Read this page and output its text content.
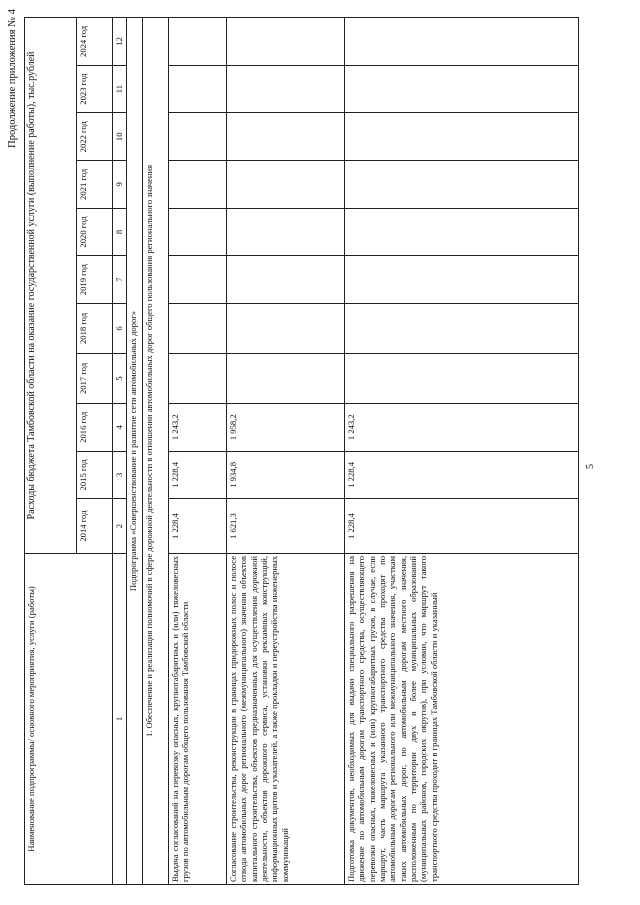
5
Продолжение приложения № 4
Наименование подпрограммы/ основного мероприятия, услуги (работы)	Расходы бюджета Тамбовской области на оказание государственной услуги (выполнение работы), тыс.рублей										
	2014 год	2015 год	2016 год	2017 год	2018 год	2019 год	2020 год	2021 год	2022 год	2023 год	2024 год
1	2	3	4	5	6	7	8	9	10	11	12
Подпрограмма «Совершенствование и развитие сети автомобильных дорог»											
1. Обеспечение и реализация полномочий в сфере дорожной деятельности в отношении автомобильных дорог общего пользования регионального значения											
Выдача согласований на перевозку опасных, крупногабаритных и (или) тяжеловесных грузов по автомобильным дорогам общего пользования Тамбовской области	1 228,4	1 228,4	1 243,2								
Согласование строительства, реконструкции в границах придорожных полос и полосе отвода автомобильных дорог регионального (межмуниципального) значения объектов капитального строительства, объектов предназначенных для осуществления дорожной деятельности, объектов дорожного сервиса, установки рекламных конструкций, информационных щитов и указателей, а также прокладки и переустройства инженерных коммуникаций	1 621,3	1 934,8	1 958,2								
Подготовка документов, необходимых для выдачи специального разрешения на движение по автомобильным дорогам транспортного средства, осуществляющего перевозки опасных, тяжеловесных и (или) крупногабаритных грузов, в случае, если маршрут, часть маршрута указанного транспортного средства проходят по автомобильным дорогам регионального или межмуниципального значения, участкам таких автомобильных дорог, по автомобильным дорогам местного значения, расположенным по территории двух и более муниципальных образований (муниципальных районов, городских округов), при условии, что маршрут такого транспортного средства проходит в границах Тамбовской области и указанный	1 228,4	1 228,4	1 243,2								
